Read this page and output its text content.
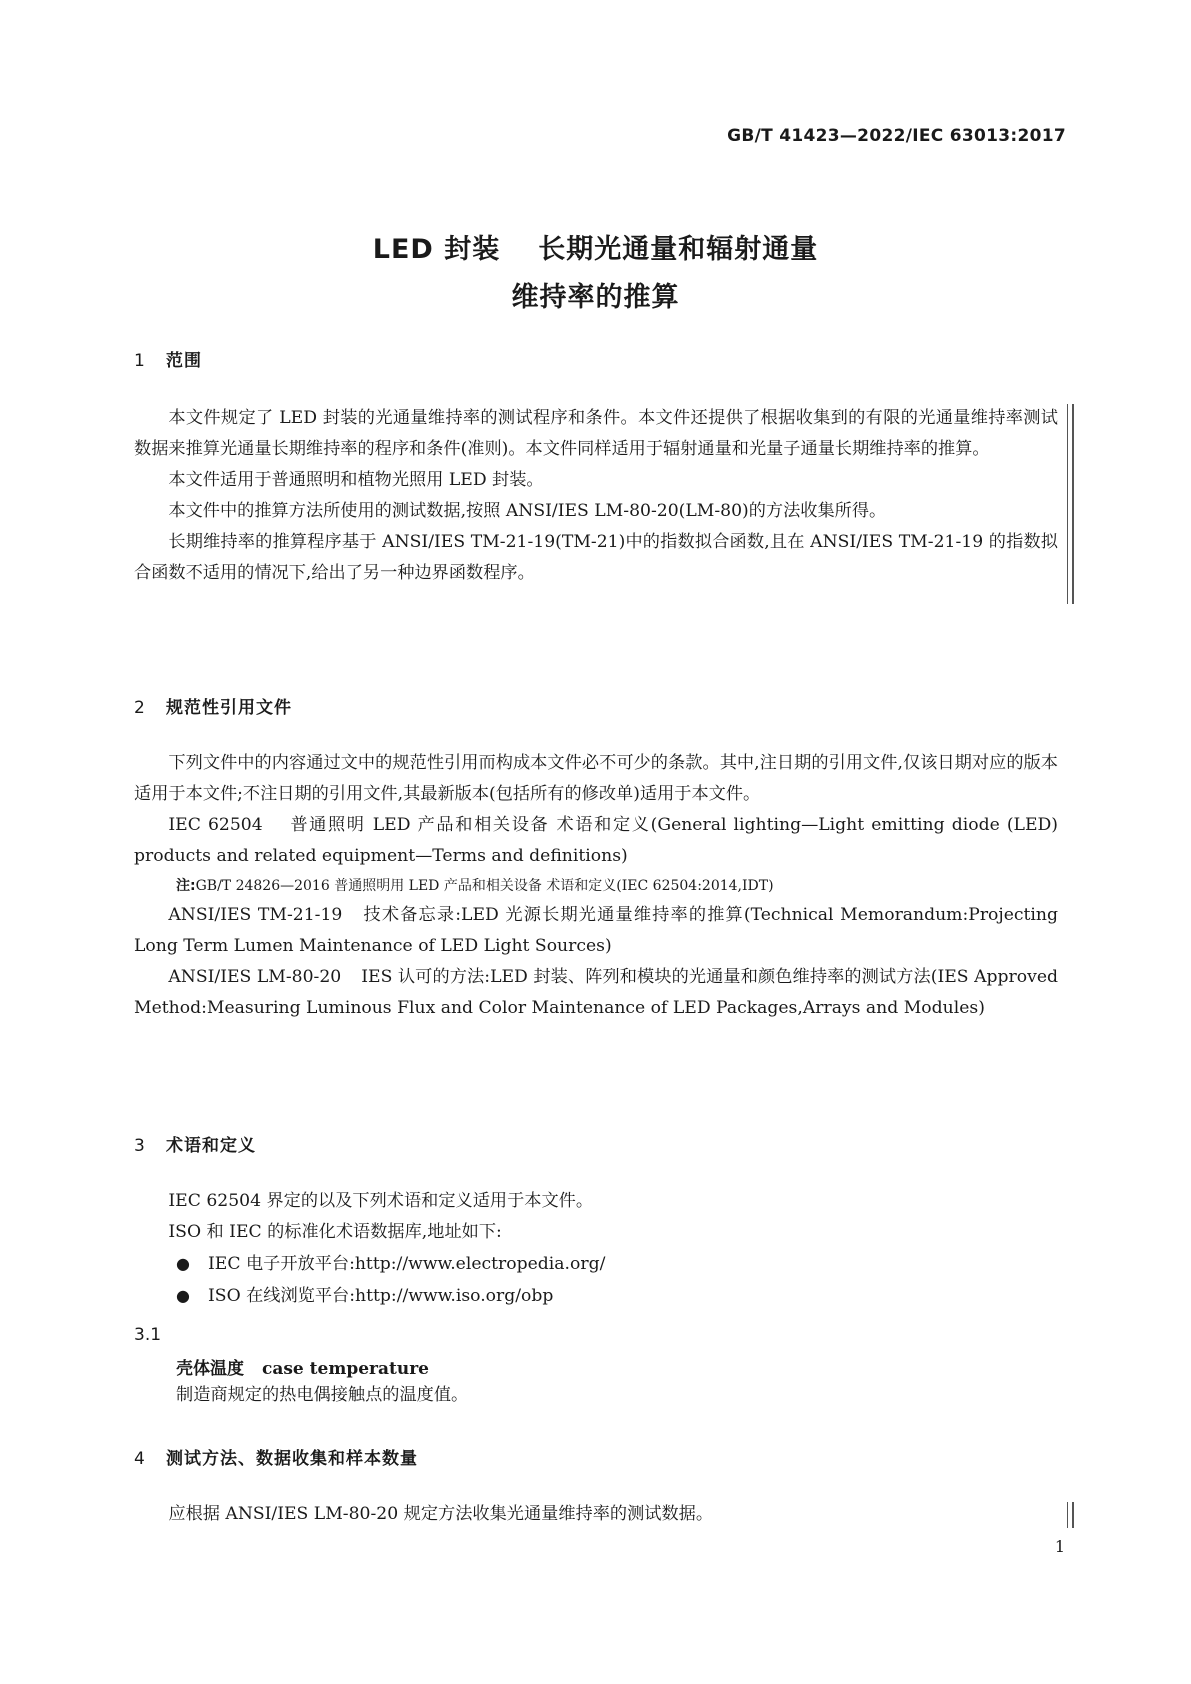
GB/T 41423—2022/IEC 63013:2017
LED 封装 长期光通量和辐射通量
维持率的推算
1 范围

本文件规定了 LED 封装的光通量维持率的测试程序和条件。本文件还提供了根据收集到的有限的光通量维持率测试数据来推算光通量长期维持率的程序和条件(准则)。本文件同样适用于辐射通量和光量子通量长期维持率的推算。

本文件适用于普通照明和植物光照用 LED 封装。

本文件中的推算方法所使用的测试数据,按照 ANSI/IES LM-80-20(LM-80)的方法收集所得。

长期维持率的推算程序基于 ANSI/IES TM-21-19(TM-21)中的指数拟合函数,且在 ANSI/IES TM-21-19 的指数拟合函数不适用的情况下,给出了另一种边界函数程序。

2 规范性引用文件

下列文件中的内容通过文中的规范性引用而构成本文件必不可少的条款。其中,注日期的引用文件,仅该日期对应的版本适用于本文件;不注日期的引用文件,其最新版本(包括所有的修改单)适用于本文件。

IEC 62504 普通照明 LED 产品和相关设备 术语和定义(General lighting—Light emitting diode (LED) products and related equipment—Terms and definitions)

注:GB/T 24826—2016 普通照明用 LED 产品和相关设备 术语和定义(IEC 62504:2014,IDT)

ANSI/IES TM-21-19 技术备忘录:LED 光源长期光通量维持率的推算(Technical Memorandum:Projecting Long Term Lumen Maintenance of LED Light Sources)

ANSI/IES LM-80-20 IES 认可的方法:LED 封装、阵列和模块的光通量和颜色维持率的测试方法(IES Approved Method:Measuring Luminous Flux and Color Maintenance of LED Packages,Arrays and Modules)

3 术语和定义

IEC 62504 界定的以及下列术语和定义适用于本文件。

ISO 和 IEC 的标准化术语数据库,地址如下:

● IEC 电子开放平台:http://www.electropedia.org/
● ISO 在线浏览平台:http://www.iso.org/obp
3.1
壳体温度 case temperature

制造商规定的热电偶接触点的温度值。

4 测试方法、数据收集和样本数量

应根据 ANSI/IES LM-80-20 规定方法收集光通量维持率的测试数据。

1
